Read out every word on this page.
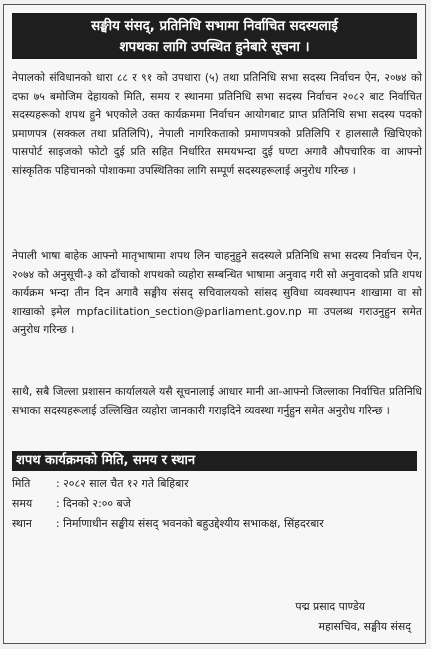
सङ्घीय संसद्, प्रतिनिधि सभामा निर्वाचित सदस्यलाई
शपथका लागि उपस्थित हुनेबारे सूचना ।
नेपालको संविधानको धारा ८८ र ९१ को उपधारा (५) तथा प्रतिनिधि सभा सदस्य निर्वाचन ऐन, २०७४ को दफा ७५ बमोजिम देहायको मिति, समय र स्थानमा प्रतिनिधि सभा सदस्य निर्वाचन २०८२ बाट निर्वाचित सदस्यहरूको शपथ हुने भएकोले उक्त कार्यक्रममा निर्वाचन आयोगबाट प्राप्त प्रतिनिधि सभा सदस्य पदको प्रमाणपत्र (सक्कल तथा प्रतिलिपि), नेपाली नागरिकताको प्रमाणपत्रको प्रतिलिपि र हालसालै खिचिएको पासपोर्ट साइजको फोटो दुई प्रति सहित निर्धारित समयभन्दा दुई घण्टा अगावै औपचारिक वा आफ्नो सांस्कृतिक पहिचानको पोशाकमा उपस्थितिका लागि सम्पूर्ण सदस्यहरूलाई अनुरोध गरिन्छ ।
नेपाली भाषा बाहेक आफ्नो मातृभाषामा शपथ लिन चाहनुहुने सदस्यले प्रतिनिधि सभा सदस्य निर्वाचन ऐन, २०७४ को अनुसूची-३ को ढाँचाको शपथको व्यहोरा सम्बन्धित भाषामा अनुवाद गरी सो अनुवादको प्रति शपथ कार्यक्रम भन्दा तीन दिन अगावै सङ्घीय संसद् सचिवालयको सांसद सुविधा व्यवस्थापन शाखामा वा सो शाखाको इमेल mpfacilitation_section@parliament.gov.np मा उपलब्ध गराउनुहुन समेत अनुरोध गरिन्छ ।
साथै, सबै जिल्ला प्रशासन कार्यालयले यसै सूचनालाई आधार मानी आ-आफ्नो जिल्लाका निर्वाचित प्रतिनिधि सभाका सदस्यहरूलाई उल्लिखित व्यहोरा जानकारी गराइदिने व्यवस्था गर्नुहुन समेत अनुरोध गरिन्छ ।
शपथ कार्यक्रमको मिति, समय र स्थान
मिति : २०८२ साल चैत १२ गते बिहिबार
समय : दिनको २:०० बजे
स्थान : निर्माणाधीन सङ्घीय संसद् भवनको बहुउद्देश्यीय सभाकक्ष, सिंहदरबार
पद्म प्रसाद पाण्डेय
महासचिव, सङ्घीय संसद्
